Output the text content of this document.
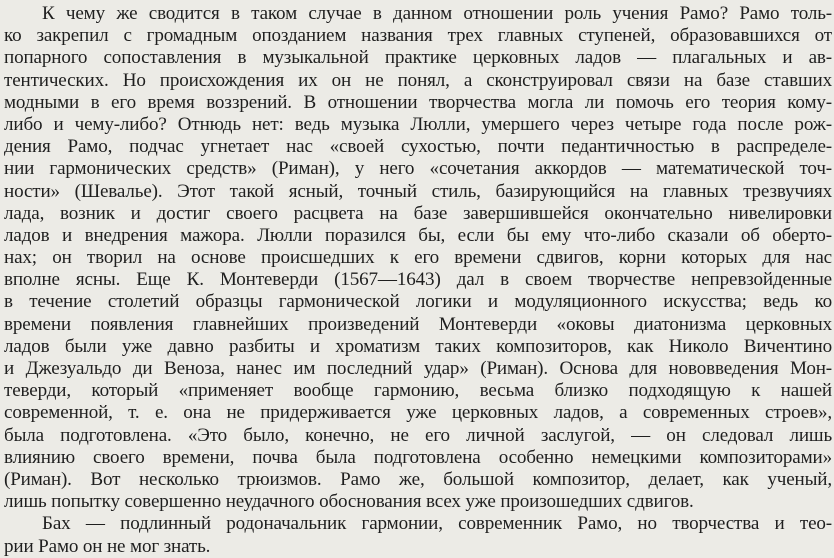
К чему же сводится в таком случае в данном отношении роль учения Рамо? Рамо толь-
ко закрепил с громадным опозданием названия трех главных ступеней, образовавшихся от
попарного сопоставления в музыкальной практике церковных ладов — плагальных и ав-
тентических. Но происхождения их он не понял, а сконструировал связи на базе ставших
модными в его время воззрений. В отношении творчества могла ли помочь его теория кому-
либо и чему-либо? Отнюдь нет: ведь музыка Люлли, умершего через четыре года после рож-
дения Рамо, подчас угнетает нас «своей сухостью, почти педантичностью в распределе-
нии гармонических средств» (Риман), у него «сочетания аккордов — математической точ-
ности» (Шевалье). Этот такой ясный, точный стиль, базирующийся на главных трезвучиях
лада, возник и достиг своего расцвета на базе завершившейся окончательно нивелировки
ладов и внедрения мажора. Люлли поразился бы, если бы ему что-либо сказали об оберто-
нах; он творил на основе происшедших к его времени сдвигов, корни которых для нас
вполне ясны. Еще К. Монтеверди (1567—1643) дал в своем творчестве непревзойденные
в течение столетий образцы гармонической логики и модуляционного искусства; ведь ко
времени появления главнейших произведений Монтеверди «оковы диатонизма церковных
ладов были уже давно разбиты и хроматизм таких композиторов, как Николо Вичентино
и Джезуальдо ди Веноза, нанес им последний удар» (Риман). Основа для нововведения Мон-
теверди, который «применяет вообще гармонию, весьма близко подходящую к нашей
современной, т. е. она не придерживается уже церковных ладов, а современных строев»,
была подготовлена. «Это было, конечно, не его личной заслугой, — он следовал лишь
влиянию своего времени, почва была подготовлена особенно немецкими композиторами»
(Риман). Вот несколько трюизмов. Рамо же, большой композитор, делает, как ученый,
лишь попытку совершенно неудачного обоснования всех уже произошедших сдвигов.
Бах — подлинный родоначальник гармонии, современник Рамо, но творчества и тео-
рии Рамо он не мог знать.
